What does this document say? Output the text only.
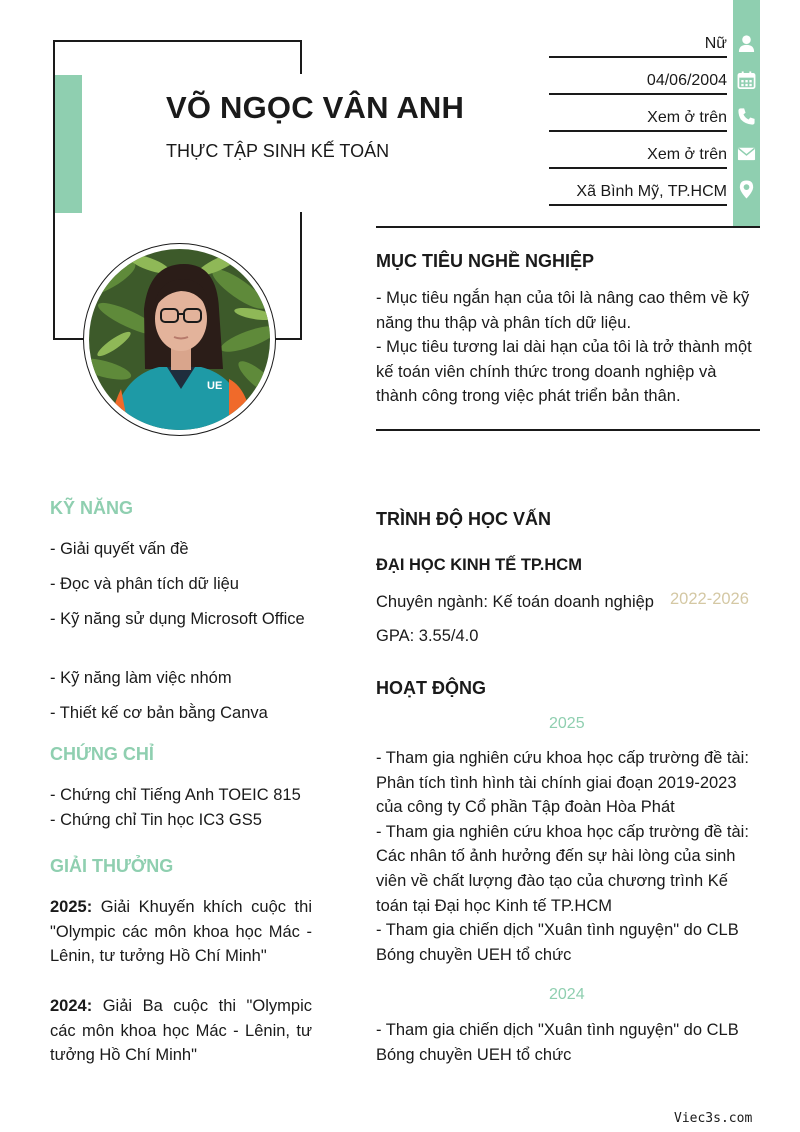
UE
VÕ NGỌC VÂN ANH
THỰC TẬP SINH KẾ TOÁN
Nữ
04/06/2004
Xem ở trên
Xem ở trên
Xã Bình Mỹ, TP.HCM
MỤC TIÊU NGHỀ NGHIỆP

- Mục tiêu ngắn hạn của tôi là nâng cao thêm về kỹ năng thu thập và phân tích dữ liệu.

- Mục tiêu tương lai dài hạn của tôi là trở thành một kế toán viên chính thức trong doanh nghiệp và thành công trong việc phát triển bản thân.

KỸ NĂNG
- Giải quyết vấn đề
- Đọc và phân tích dữ liệu
- Kỹ năng sử dụng Microsoft Office
- Kỹ năng làm việc nhóm
- Thiết kế cơ bản bằng Canva
CHỨNG CHỈ
- Chứng chỉ Tiếng Anh TOEIC 815
- Chứng chỉ Tin học IC3 GS5
GIẢI THƯỞNG
2025: Giải Khuyến khích cuộc thi "Olympic các môn khoa học Mác - Lênin, tư tưởng Hồ Chí Minh"
2024: Giải Ba cuộc thi "Olympic các môn khoa học Mác - Lênin, tư tưởng Hồ Chí Minh"
TRÌNH ĐỘ HỌC VẤN
ĐẠI HỌC KINH TẾ TP.HCM
Chuyên ngành: Kế toán doanh nghiệp 2022-2026
GPA: 3.55/4.0
HOẠT ĐỘNG
2025

- Tham gia nghiên cứu khoa học cấp trường đề tài: Phân tích tình hình tài chính giai đoạn 2019-2023 của công ty Cổ phần Tập đoàn Hòa Phát

- Tham gia nghiên cứu khoa học cấp trường đề tài: Các nhân tố ảnh hưởng đến sự hài lòng của sinh viên về chất lượng đào tạo của chương trình Kế toán tại Đại học Kinh tế TP.HCM

- Tham gia chiến dịch "Xuân tình nguyện" do CLB Bóng chuyền UEH tổ chức

2024

- Tham gia chiến dịch "Xuân tình nguyện" do CLB Bóng chuyền UEH tổ chức

Viec3s.com
